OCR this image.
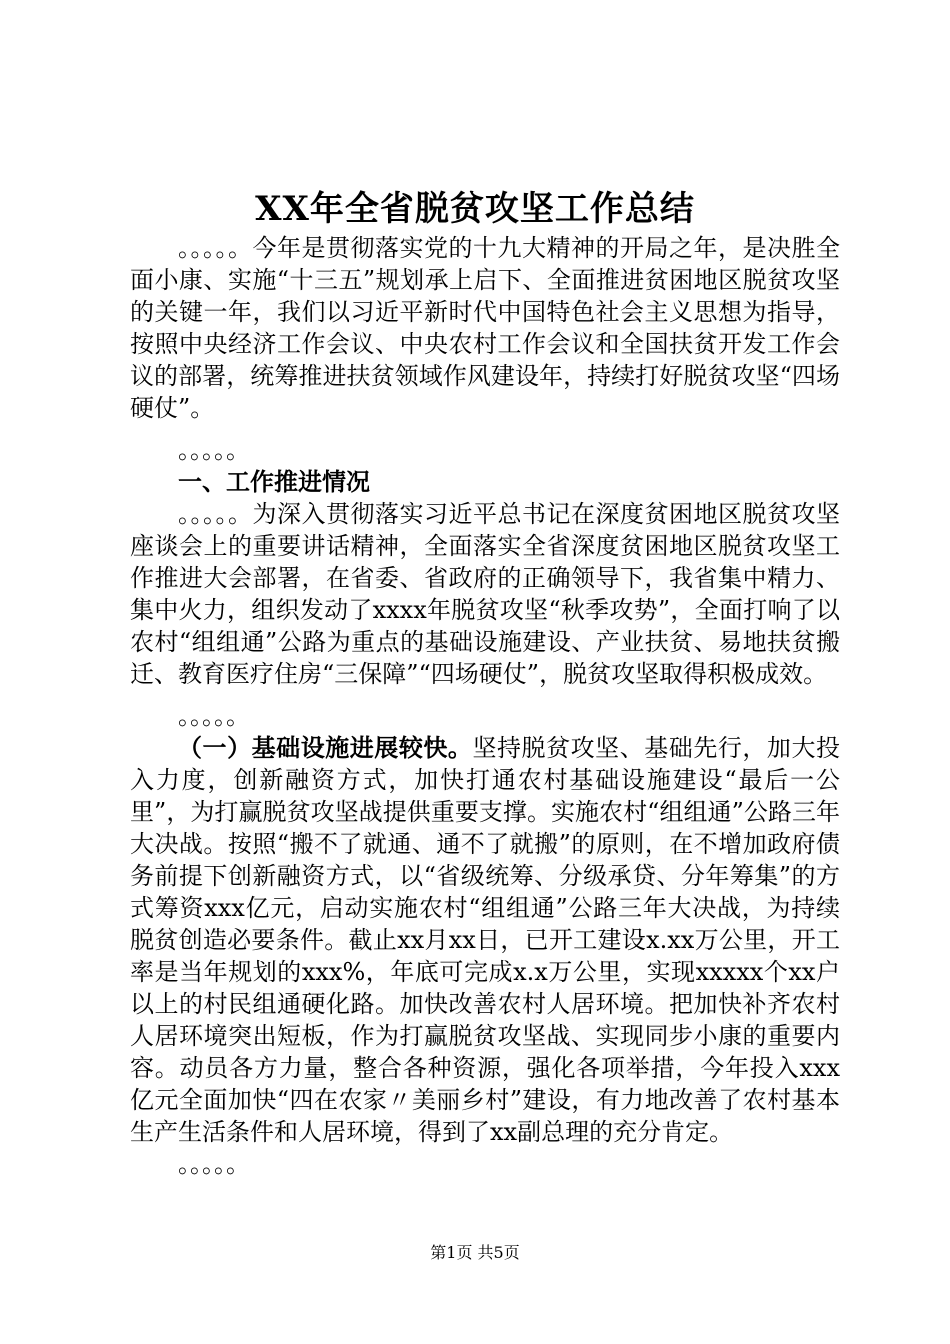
XX年全省脱贫攻坚工作总结

。。。。。今年是贯彻落实党的十九大精神的开局之年，是决胜全面小康、实施“十三五”规划承上启下、全面推进贫困地区脱贫攻坚的关键一年，我们以习近平新时代中国特色社会主义思想为指导，按照中央经济工作会议、中央农村工作会议和全国扶贫开发工作会议的部署，统筹推进扶贫领域作风建设年，持续打好脱贫攻坚“四场硬仗”。

。。。。。

一、工作推进情况

。。。。。为深入贯彻落实习近平总书记在深度贫困地区脱贫攻坚座谈会上的重要讲话精神，全面落实全省深度贫困地区脱贫攻坚工作推进大会部署，在省委、省政府的正确领导下，我省集中精力、集中火力，组织发动了xxxx年脱贫攻坚“秋季攻势”，全面打响了以农村“组组通”公路为重点的基础设施建设、产业扶贫、易地扶贫搬迁、教育医疗住房“三保障”“四场硬仗”，脱贫攻坚取得积极成效。

。。。。。

（一）基础设施进展较快。坚持脱贫攻坚、基础先行，加大投入力度，创新融资方式，加快打通农村基础设施建设“最后一公里”，为打赢脱贫攻坚战提供重要支撑。实施农村“组组通”公路三年大决战。按照“搬不了就通、通不了就搬”的原则，在不增加政府债务前提下创新融资方式，以“省级统筹、分级承贷、分年筹集”的方式筹资xxx亿元，启动实施农村“组组通”公路三年大决战，为持续脱贫创造必要条件。截止xx月xx日，已开工建设x.xx万公里，开工率是当年规划的xxx%，年底可完成x.x万公里，实现xxxxx个xx户以上的村民组通硬化路。加快改善农村人居环境。把加快补齐农村人居环境突出短板，作为打赢脱贫攻坚战、实现同步小康的重要内容。动员各方力量，整合各种资源，强化各项举措，今年投入xxx亿元全面加快“四在农家〃美丽乡村”建设，有力地改善了农村基本生产生活条件和人居环境，得到了xx副总理的充分肯定。

。。。。。

第1页 共5页
